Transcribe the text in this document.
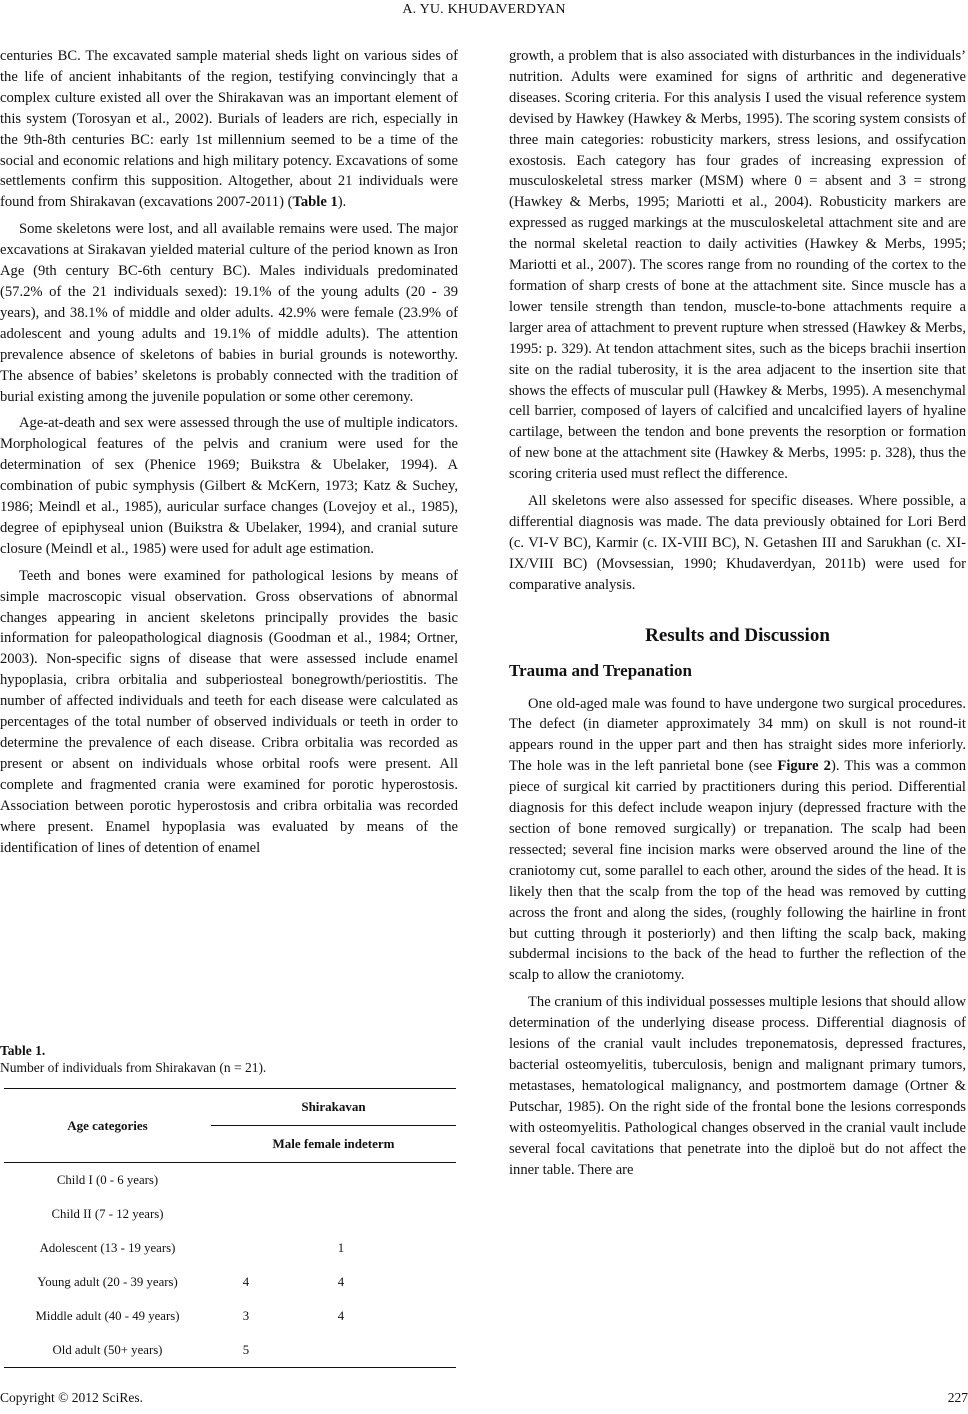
A. YU. KHUDAVERDYAN

centuries BC. The excavated sample material sheds light on various sides of the life of ancient inhabitants of the region, testifying convincingly that a complex culture existed all over the Shirakavan was an important element of this system (Torosyan et al., 2002). Burials of leaders are rich, especially in the 9th-8th centuries BC: early 1st millennium seemed to be a time of the social and economic relations and high military potency. Excavations of some settlements confirm this supposition. Altogether, about 21 individuals were found from Shirakavan (excavations 2007-2011) (Table 1).

Some skeletons were lost, and all available remains were used. The major excavations at Sirakavan yielded material culture of the period known as Iron Age (9th century BC-6th century BC). Males individuals predominated (57.2% of the 21 individuals sexed): 19.1% of the young adults (20 - 39 years), and 38.1% of middle and older adults. 42.9% were female (23.9% of adolescent and young adults and 19.1% of middle adults). The attention prevalence absence of skeletons of babies in burial grounds is noteworthy. The absence of babies’ skeletons is probably connected with the tradition of burial existing among the juvenile population or some other ceremony.

Age-at-death and sex were assessed through the use of multiple indicators. Morphological features of the pelvis and cranium were used for the determination of sex (Phenice 1969; Buikstra & Ubelaker, 1994). A combination of pubic symphysis (Gilbert & McKern, 1973; Katz & Suchey, 1986; Meindl et al., 1985), auricular surface changes (Lovejoy et al., 1985), degree of epiphyseal union (Buikstra & Ubelaker, 1994), and cranial suture closure (Meindl et al., 1985) were used for adult age estimation.

Teeth and bones were examined for pathological lesions by means of simple macroscopic visual observation. Gross observations of abnormal changes appearing in ancient skeletons principally provides the basic information for paleopathological diagnosis (Goodman et al., 1984; Ortner, 2003). Non-specific signs of disease that were assessed include enamel hypoplasia, cribra orbitalia and subperiosteal bonegrowth/periostitis. The number of affected individuals and teeth for each disease were calculated as percentages of the total number of observed individuals or teeth in order to determine the prevalence of each disease. Cribra orbitalia was recorded as present or absent on individuals whose orbital roofs were present. All complete and fragmented crania were examined for porotic hyperostosis. Association between porotic hyperostosis and cribra orbitalia was recorded where present. Enamel hypoplasia was evaluated by means of the identification of lines of detention of enamel

Table 1.
Number of individuals from Shirakavan (n = 21).
Age categories	Shirakavan		
	Male female indeterm		
Child I (0 - 6 years)			
Child II (7 - 12 years)			
Adolescent (13 - 19 years)		1	
Young adult (20 - 39 years)	4	4	
Middle adult (40 - 49 years)	3	4	
Old adult (50+ years)	5		

growth, a problem that is also associated with disturbances in the individuals’ nutrition. Adults were examined for signs of arthritic and degenerative diseases. Scoring criteria. For this analysis I used the visual reference system devised by Hawkey (Hawkey & Merbs, 1995). The scoring system consists of three main categories: robusticity markers, stress lesions, and ossifycation exostosis. Each category has four grades of increasing expression of musculoskeletal stress marker (MSM) where 0 = absent and 3 = strong (Hawkey & Merbs, 1995; Mariotti et al., 2004). Robusticity markers are expressed as rugged markings at the musculoskeletal attachment site and are the normal skeletal reaction to daily activities (Hawkey & Merbs, 1995; Mariotti et al., 2007). The scores range from no rounding of the cortex to the formation of sharp crests of bone at the attachment site. Since muscle has a lower tensile strength than tendon, muscle-to-bone attachments require a larger area of attachment to prevent rupture when stressed (Hawkey & Merbs, 1995: p. 329). At tendon attachment sites, such as the biceps brachii insertion site on the radial tuberosity, it is the area adjacent to the insertion site that shows the effects of muscular pull (Hawkey & Merbs, 1995). A mesenchymal cell barrier, composed of layers of calcified and uncalcified layers of hyaline cartilage, between the tendon and bone prevents the resorption or formation of new bone at the attachment site (Hawkey & Merbs, 1995: p. 328), thus the scoring criteria used must reflect the difference.

All skeletons were also assessed for specific diseases. Where possible, a differential diagnosis was made. The data previously obtained for Lori Berd (c. VI-V BC), Karmir (c. IX-VIII BC), N. Getashen III and Sarukhan (c. XI-IX/VIII BC) (Movsessian, 1990; Khudaverdyan, 2011b) were used for comparative analysis.

Results and Discussion
Trauma and Trepanation

One old-aged male was found to have undergone two surgical procedures. The defect (in diameter approximately 34 mm) on skull is not round-it appears round in the upper part and then has straight sides more inferiorly. The hole was in the left panrietal bone (see Figure 2). This was a common piece of surgical kit carried by practitioners during this period. Differential diagnosis for this defect include weapon injury (depressed fracture with the section of bone removed surgically) or trepanation. The scalp had been ressected; several fine incision marks were observed around the line of the craniotomy cut, some parallel to each other, around the sides of the head. It is likely then that the scalp from the top of the head was removed by cutting across the front and along the sides, (roughly following the hairline in front but cutting through it posteriorly) and then lifting the scalp back, making subdermal incisions to the back of the head to further the reflection of the scalp to allow the craniotomy.

The cranium of this individual possesses multiple lesions that should allow determination of the underlying disease process. Differential diagnosis of lesions of the cranial vault includes treponematosis, depressed fractures, bacterial osteomyelitis, tuberculosis, benign and malignant primary tumors, metastases, hematological malignancy, and postmortem damage (Ortner & Putschar, 1985). On the right side of the frontal bone the lesions corresponds with osteomyelitis. Pathological changes observed in the cranial vault include several focal cavitations that penetrate into the diploë but do not affect the inner table. There are

Copyright © 2012 SciRes.	227
